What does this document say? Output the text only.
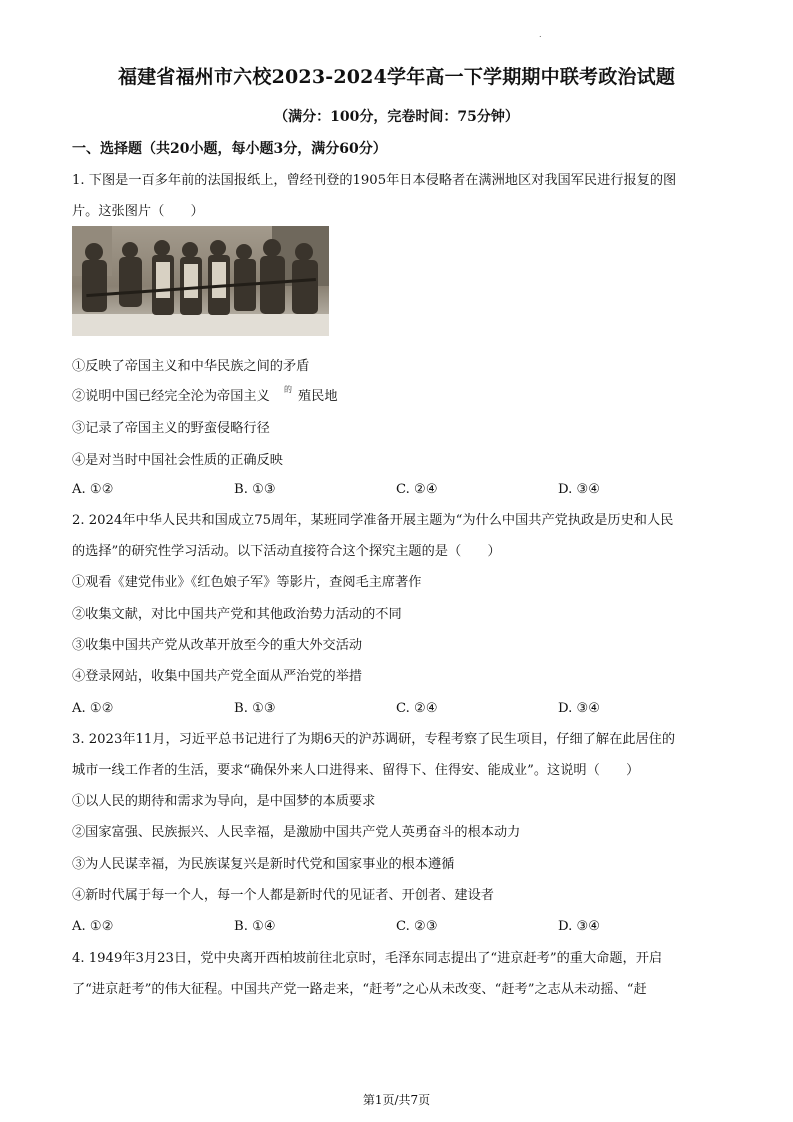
.
福建省福州市六校2023-2024学年高一下学期期中联考政治试题
（满分：100分，完卷时间：75分钟）
一、选择题（共20小题，每小题3分，满分60分）
1. 下图是一百多年前的法国报纸上，曾经刊登的1905年日本侵略者在满洲地区对我国军民进行报复的图
片。这张图片（　　）
①反映了帝国主义和中华民族之间的矛盾
②说明中国已经完全沦为帝国主义 的 殖民地
③记录了帝国主义的野蛮侵略行径
④是对当时中国社会性质的正确反映
A. ①②	B. ①③	C. ②④	D. ③④
2. 2024年中华人民共和国成立75周年，某班同学准备开展主题为“为什么中国共产党执政是历史和人民
的选择”的研究性学习活动。以下活动直接符合这个探究主题的是（　　）
①观看《建党伟业》《红色娘子军》等影片，查阅毛主席著作
②收集文献，对比中国共产党和其他政治势力活动的不同
③收集中国共产党从改革开放至今的重大外交活动
④登录网站，收集中国共产党全面从严治党的举措
A. ①②	B. ①③	C. ②④	D. ③④
3. 2023年11月，习近平总书记进行了为期6天的沪苏调研，专程考察了民生项目，仔细了解在此居住的
城市一线工作者的生活，要求“确保外来人口进得来、留得下、住得安、能成业”。这说明（　　）
①以人民的期待和需求为导向，是中国梦的本质要求
②国家富强、民族振兴、人民幸福，是激励中国共产党人英勇奋斗的根本动力
③为人民谋幸福，为民族谋复兴是新时代党和国家事业的根本遵循
④新时代属于每一个人，每一个人都是新时代的见证者、开创者、建设者
A. ①②	B. ①④	C. ②③	D. ③④
4. 1949年3月23日，党中央离开西柏坡前往北京时，毛泽东同志提出了“进京赶考”的重大命题，开启
了“进京赶考”的伟大征程。中国共产党一路走来，“赶考”之心从未改变、“赶考”之志从未动摇、“赶
第1页/共7页
